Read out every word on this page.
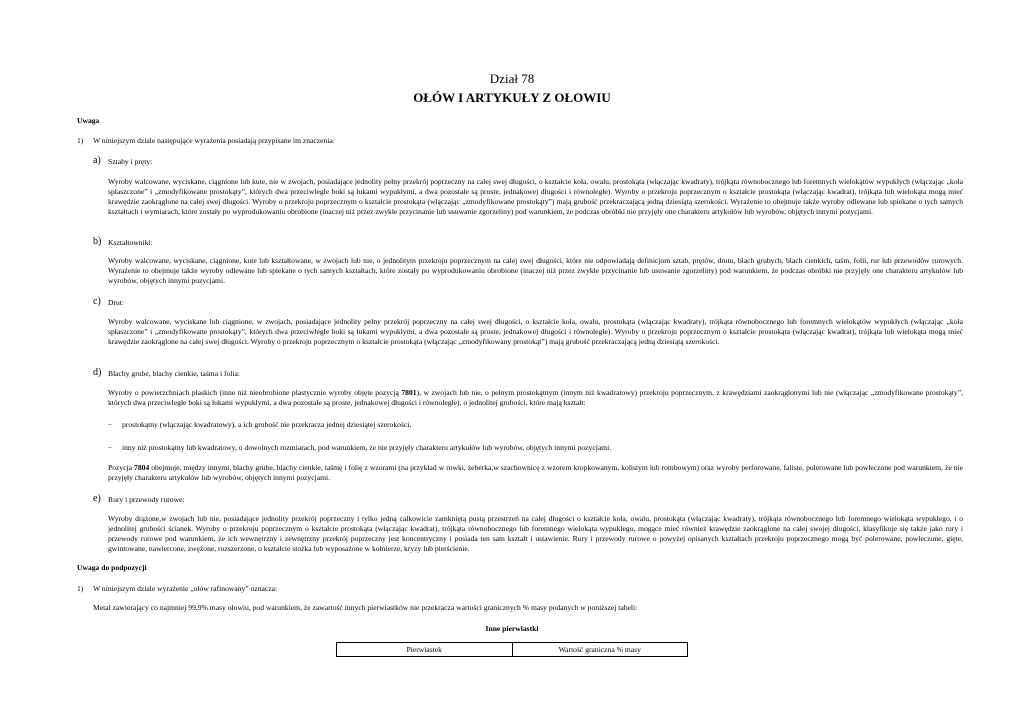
Dział 78
OŁÓW I ARTYKUŁY Z OŁOWIU
Uwaga
1) W niniejszym dziale następujące wyrażenia posiadają przypisane im znaczenia:
a) Sztaby i pręty:
Wyroby walcowane, wyciskane, ciągnione lub kute, nie w zwojach, posiadające jednolity pełny przekrój poprzeczny na całej swej długości, o kształcie koła, owalu, prostokąta (włączając kwadraty), trójkąta równobocznego lub foremnych wielokątów wypukłych (włączając „koła spłaszczone” i „zmodyfikowane prostokąty”, których dwa przeciwległe boki są łukami wypukłymi, a dwa pozostałe są proste, jednakowej długości i równoległe). Wyroby o przekroju poprzecznym o kształcie prostokąta (włączając kwadrat), trójkąta lub wielokąta mogą mieć krawędzie zaokrąglone na całej swej długości. Wyroby o przekroju poprzecznym o kształcie prostokąta (włączając „zmodyfikowane prostokąty”) mają grubość przekraczającą jedną dziesiątą szerokości. Wyrażenie to obejmuje także wyroby odlewane lub spiekane o tych samych kształtach i wymiarach, które zostały po wyprodukowaniu obrobione (inaczej niż przez zwykłe przycinanie lub usuwanie zgorzeliny) pod warunkiem, że podczas obróbki nie przyjęły one charakteru artykułów lub wyrobów, objętych innymi pozycjami.
b) Kształtowniki:
Wyroby walcowane, wyciskane, ciągnione, kute lub kształtowane, w zwojach lub nie, o jednolitym przekroju poprzecznym na całej swej długości, które nie odpowiadają definicjom sztab, prętów, drutu, blach grubych, blach cienkich, taśm, folii, rur lub przewodów rurowych. Wyrażenie to obejmuje także wyroby odlewane lub spiekane o tych samych kształtach, które zostały po wyprodukowaniu obrobione (inaczej niż przez zwykłe przycinanie lub usuwanie zgorzeliny) pod warunkiem, że podczas obróbki nie przyjęły one charakteru artykułów lub wyrobów, objętych innymi pozycjami.
c) Drut:
Wyroby walcowane, wyciskane lub ciągnione, w zwojach, posiadające jednolity pełny przekrój poprzeczny na całej swej długości, o kształcie koła, owalu, prostokąta (włączając kwadraty), trójkąta równobocznego lub foremnych wielokątów wypukłych (włączając „koła spłaszczone” i „zmodyfikowane prostokąty”, których dwa przeciwległe boki są łukami wypukłymi, a dwa pozostałe są proste, jednakowej długości i równoległe). Wyroby o przekroju poprzecznym o kształcie prostokąta (włączając kwadrat), trójkąta lub wielokąta mogą mieć krawędzie zaokrąglone na całej swej długości. Wyroby o przekroju poprzecznym o kształcie prostokąta (włączając „zmodyfikowany prostokąt”) mają grubość przekraczającą jedną dziesiątą szerokości.
d) Blachy grube, blachy cienkie, taśma i folia:
Wyroby o powierzchniach płaskich (inne niż nieobrobione plastycznie wyroby objęte pozycją 7801), w zwojach lub nie, o pełnym prostokątnym (innym niż kwadratowy) przekroju poprzecznym, z krawędziami zaokrąglonymi lub nie (włączając „zmodyfikowane prostokąty”, których dwa przeciwległe boki są łukami wypukłymi, a dwa pozostałe są proste, jednakowej długości i równoległe), o jednolitej grubości, które mają kształt:
– prostokątny (włączając kwadratowy), a ich grubość nie przekracza jednej dziesiątej szerokości,
– inny niż prostokątny lub kwadratowy, o dowolnych rozmiarach, pod warunkiem, że nie przyjęły charakteru artykułów lub wyrobów, objętych innymi pozycjami.
Pozycja 7804 obejmuje, między innymi, blachy grube, blachy cienkie, taśmę i folię z wzorami (na przykład w rowki, żeberka,w szachownicę z wzorem kropkowanym, kolistym lub rombowym) oraz wyroby perforowane, faliste, polerowane lub powleczone pod warunkiem, że nie przyjęły charakteru artykułów lub wyrobów, objętych innymi pozycjami.
e) Rury i przewody rurowe:
Wyroby drążone,w zwojach lub nie, posiadające jednolity przekrój poprzeczny i tylko jedną całkowicie zamkniętą pustą przestrzeń na całej długości o kształcie koła, owalu, prostokąta (włączając kwadraty), trójkąta równobocznego lub foremnego wielokąta wypukłego, i o jednolitej grubości ścianek. Wyroby o przekroju poprzecznym o kształcie prostokąta (włączając kwadrat), trójkąta równobocznego lub foremnego wielokąta wypukłego, mogące mieć również krawędzie zaokrąglone na całej swojej długości, klasyfikuje się także jako rury i przewody rurowe pod warunkiem, że ich wewnętrzny i zewnętrzny przekrój poprzeczny jest koncentryczny i posiada ten sam kształt i ustawienie. Rury i przewody rurowe o powyżej opisanych kształtach przekroju poprzecznego mogą być polerowane, powleczone, gięte, gwintowane, nawiercone, zwężone, rozszerzone, o kształcie stożka lub wyposażone w kołnierze, kryzy lub pierścienie.
Uwaga do podpozycji
1) W niniejszym dziale wyrażenie „ołów rafinowany” oznacza:
Metal zawierający co najmniej 99,9% masy ołowiu, pod warunkiem, że zawartość innych pierwiastków nie przekracza wartości granicznych % masy podanych w poniższej tabeli:
Inne pierwiastki
Pierwiastek	Wartość graniczna % masy
